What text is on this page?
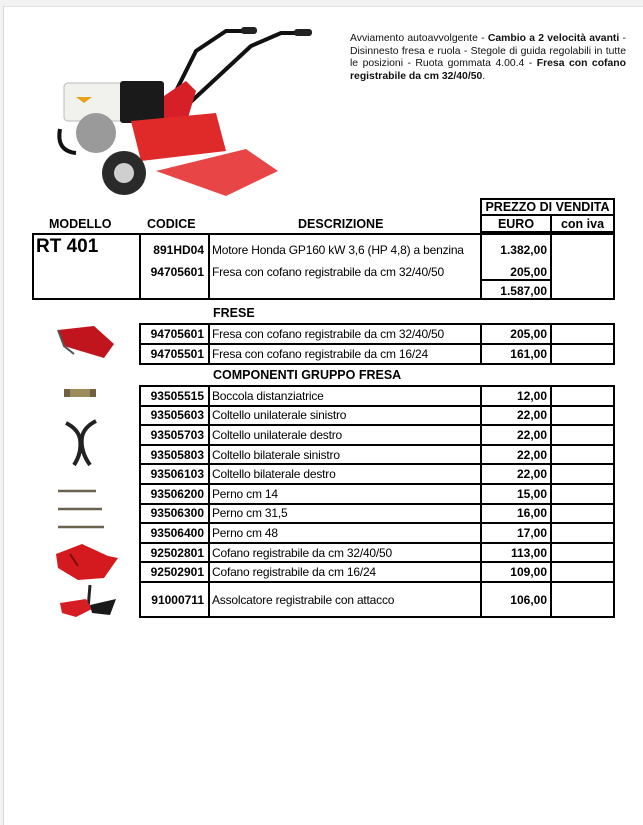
Avviamento autoavvolgente - Cambio a 2 velocità avanti - Disinnesto fresa e ruola - Stegole di guida regolabili in tutte le posizioni - Ruota gommata 4.00.4 - Fresa con cofano registrabile da cm 32/40/50.
PREZZO DI VENDITA
EURO	con iva
MODELLO	CODICE	DESCRIZIONE
RT 401	891HD04 Motore Honda GP160 kW 3,6 (HP 4,8) a benzina	1.382,00
94705601 Fresa con cofano registrabile da cm 32/40/50	205,00
1.587,00
FRESE
94705601 Fresa con cofano registrabile da cm 32/40/50	205,00
94705501 Fresa con cofano registrabile da cm 16/24	161,00
COMPONENTI GRUPPO FRESA
93505515 Boccola distanziatrice	12,00
93505603 Coltello unilaterale sinistro	22,00
93505703 Coltello unilaterale destro	22,00
93505803 Coltello bilaterale sinistro	22,00
93506103 Coltello bilaterale destro	22,00
93506200 Perno cm 14	15,00
93506300 Perno cm 31,5	16,00
93506400 Perno cm 48	17,00
92502801 Cofano registrabile da cm 32/40/50	113,00
92502901 Cofano registrabile da cm 16/24	109,00
91000711 Assolcatore registrabile con attacco	106,00
